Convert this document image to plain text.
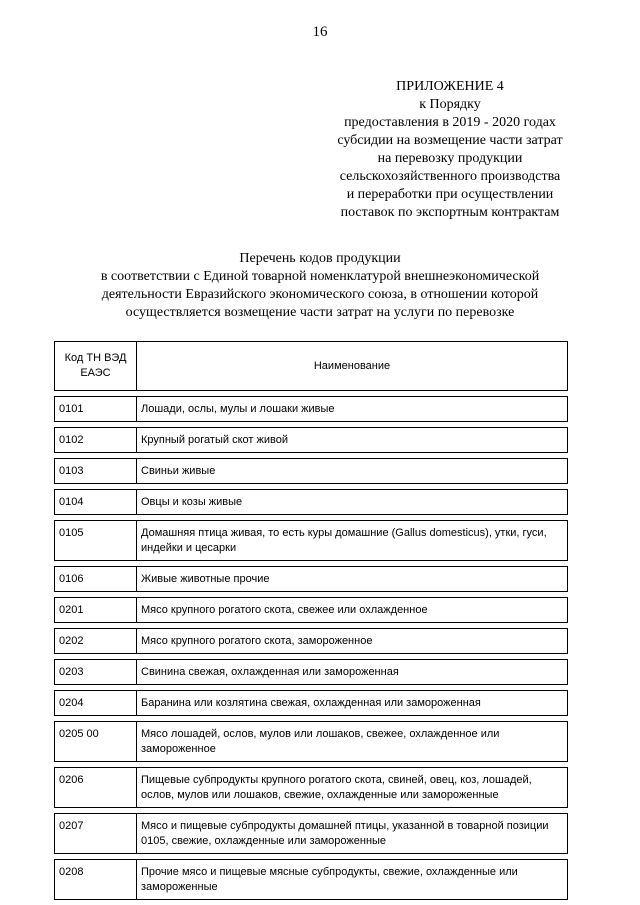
16
ПРИЛОЖЕНИЕ 4
к Порядку
предоставления в 2019 - 2020 годах
субсидии на возмещение части затрат
на перевозку продукции
сельскохозяйственного производства
и переработки при осуществлении
поставок по экспортным контрактам
Перечень кодов продукции
в соответствии с Единой товарной номенклатурой внешнеэкономической
деятельности Евразийского экономического союза, в отношении которой
осуществляется возмещение части затрат на услуги по перевозке
Код ТН ВЭД ЕАЭС	Наименование

0101	Лошади, ослы, мулы и лошаки живые

0102	Крупный рогатый скот живой

0103	Свиньи живые

0104	Овцы и козы живые

0105	Домашняя птица живая, то есть куры домашние (Gallus domesticus), утки, гуси, индейки и цесарки

0106	Живые животные прочие

0201	Мясо крупного рогатого скота, свежее или охлажденное

0202	Мясо крупного рогатого скота, замороженное

0203	Свинина свежая, охлажденная или замороженная

0204	Баранина или козлятина свежая, охлажденная или замороженная

0205 00	Мясо лошадей, ослов, мулов или лошаков, свежее, охлажденное или замороженное

0206	Пищевые субпродукты крупного рогатого скота, свиней, овец, коз, лошадей, ослов, мулов или лошаков, свежие, охлажденные или замороженные

0207	Мясо и пищевые субпродукты домашней птицы, указанной в товарной позиции 0105, свежие, охлажденные или замороженные

0208	Прочие мясо и пищевые мясные субпродукты, свежие, охлажденные или замороженные
